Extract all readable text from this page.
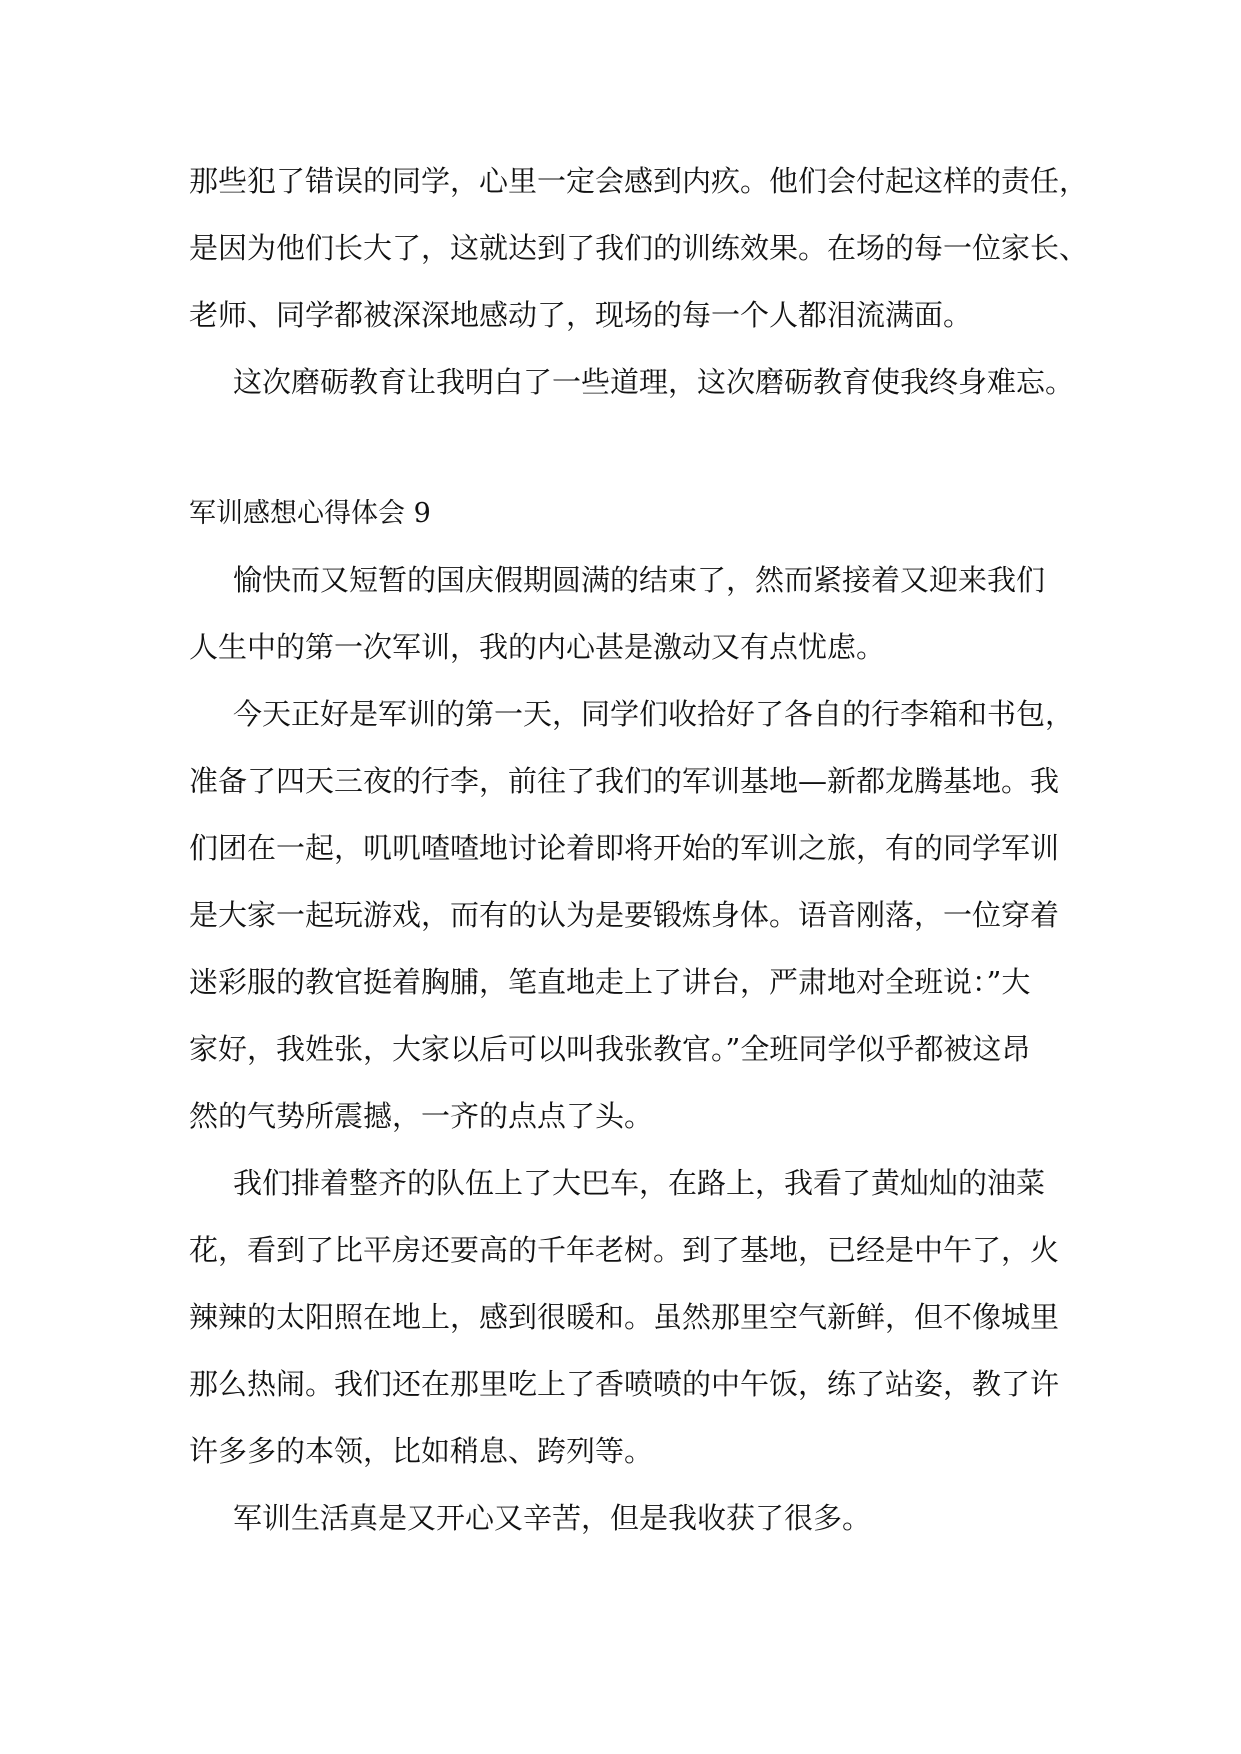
那些犯了错误的同学，心里一定会感到内疚。他们会付起这样的责任，

是因为他们长大了，这就达到了我们的训练效果。在场的每一位家长、

老师、同学都被深深地感动了，现场的每一个人都泪流满面。

这次磨砺教育让我明白了一些道理，这次磨砺教育使我终身难忘。

军训感想心得体会 9

愉快而又短暂的国庆假期圆满的结束了，然而紧接着又迎来我们

人生中的第一次军训，我的内心甚是激动又有点忧虑。

今天正好是军训的第一天，同学们收拾好了各自的行李箱和书包，

准备了四天三夜的行李，前往了我们的军训基地—新都龙腾基地。我

们团在一起，叽叽喳喳地讨论着即将开始的军训之旅，有的同学军训

是大家一起玩游戏，而有的认为是要锻炼身体。语音刚落，一位穿着

迷彩服的教官挺着胸脯，笔直地走上了讲台，严肃地对全班说：”大

家好，我姓张，大家以后可以叫我张教官。”全班同学似乎都被这昂

然的气势所震撼，一齐的点点了头。

我们排着整齐的队伍上了大巴车，在路上，我看了黄灿灿的油菜

花，看到了比平房还要高的千年老树。到了基地，已经是中午了，火

辣辣的太阳照在地上，感到很暖和。虽然那里空气新鲜，但不像城里

那么热闹。我们还在那里吃上了香喷喷的中午饭，练了站姿，教了许

许多多的本领，比如稍息、跨列等。

军训生活真是又开心又辛苦，但是我收获了很多。
